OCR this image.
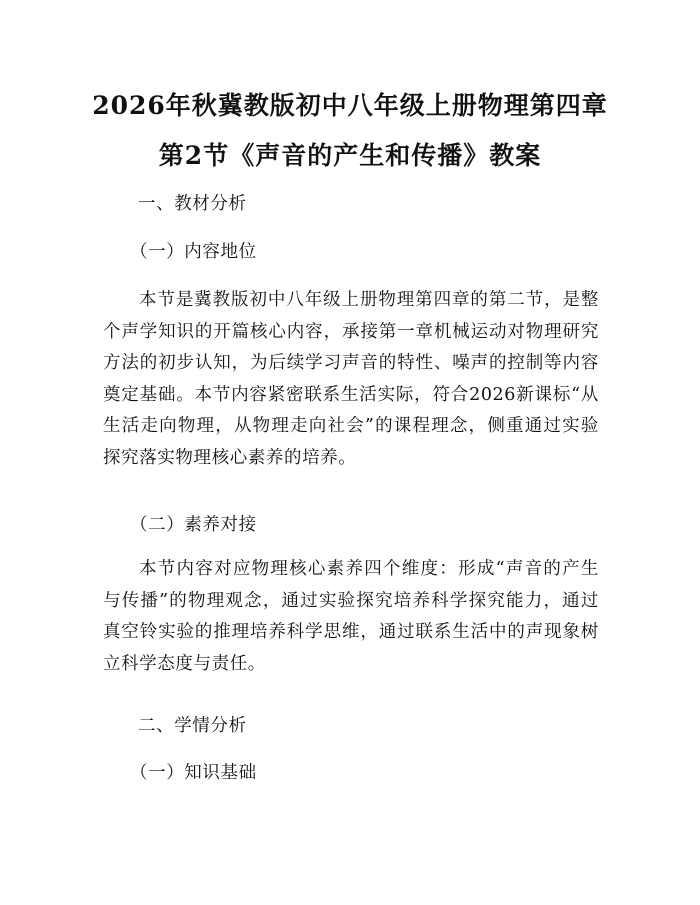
2026年秋冀教版初中八年级上册物理第四章
第2节《声音的产生和传播》教案
一、教材分析
（一）内容地位

本节是冀教版初中八年级上册物理第四章的第二节，是整个声学知识的开篇核心内容，承接第一章机械运动对物理研究方法的初步认知，为后续学习声音的特性、噪声的控制等内容奠定基础。本节内容紧密联系生活实际，符合2026新课标“从生活走向物理，从物理走向社会”的课程理念，侧重通过实验探究落实物理核心素养的培养。

（二）素养对接

本节内容对应物理核心素养四个维度：形成“声音的产生与传播”的物理观念，通过实验探究培养科学探究能力，通过真空铃实验的推理培养科学思维，通过联系生活中的声现象树立科学态度与责任。

二、学情分析
（一）知识基础
